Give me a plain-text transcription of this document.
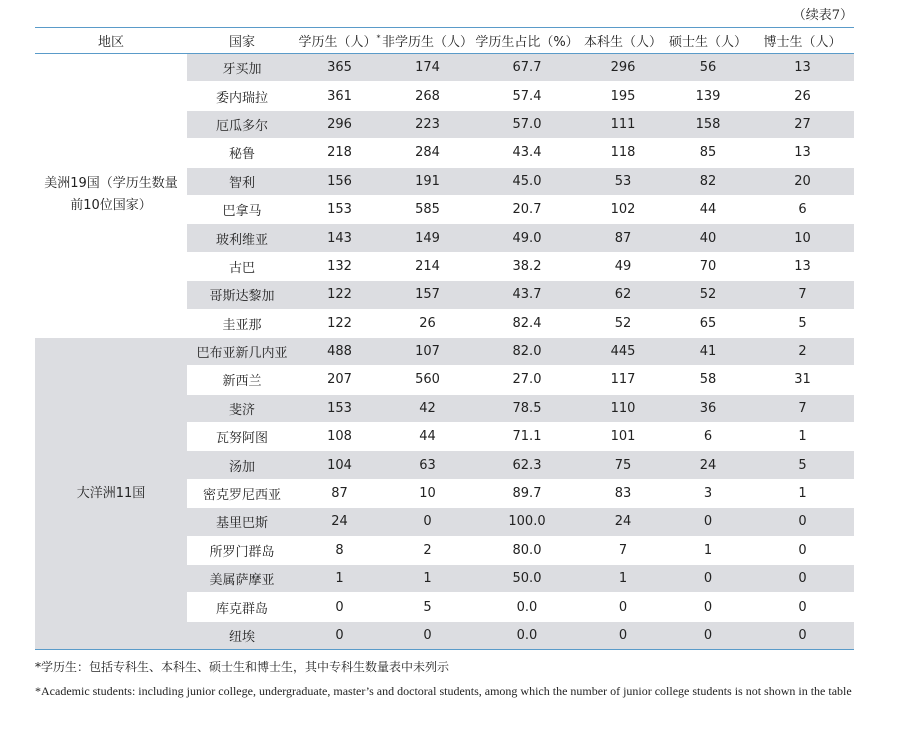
（续表7）
地区	国家	学历生（人）*	非学历生（人）	学历生占比（%）	本科生（人）	硕士生（人）	博士生（人）
美洲19国（学历生数量前10位国家）	牙买加	365	174	67.7	296	56	13
	委内瑞拉	361	268	57.4	195	139	26
	厄瓜多尔	296	223	57.0	111	158	27
	秘鲁	218	284	43.4	118	85	13
	智利	156	191	45.0	53	82	20
	巴拿马	153	585	20.7	102	44	6
	玻利维亚	143	149	49.0	87	40	10
	古巴	132	214	38.2	49	70	13
	哥斯达黎加	122	157	43.7	62	52	7
	圭亚那	122	26	82.4	52	65	5
大洋洲11国	巴布亚新几内亚	488	107	82.0	445	41	2
	新西兰	207	560	27.0	117	58	31
	斐济	153	42	78.5	110	36	7
	瓦努阿图	108	44	71.1	101	6	1
	汤加	104	63	62.3	75	24	5
	密克罗尼西亚	87	10	89.7	83	3	1
	基里巴斯	24	0	100.0	24	0	0
	所罗门群岛	8	2	80.0	7	1	0
	美属萨摩亚	1	1	50.0	1	0	0
	库克群岛	0	5	0.0	0	0	0
	纽埃	0	0	0.0	0	0	0
*学历生：包括专科生、本科生、硕士生和博士生，其中专科生数量表中未列示
*Academic students: including junior college, undergraduate, master’s and doctoral students, among which the number of junior college students is not shown in the table
